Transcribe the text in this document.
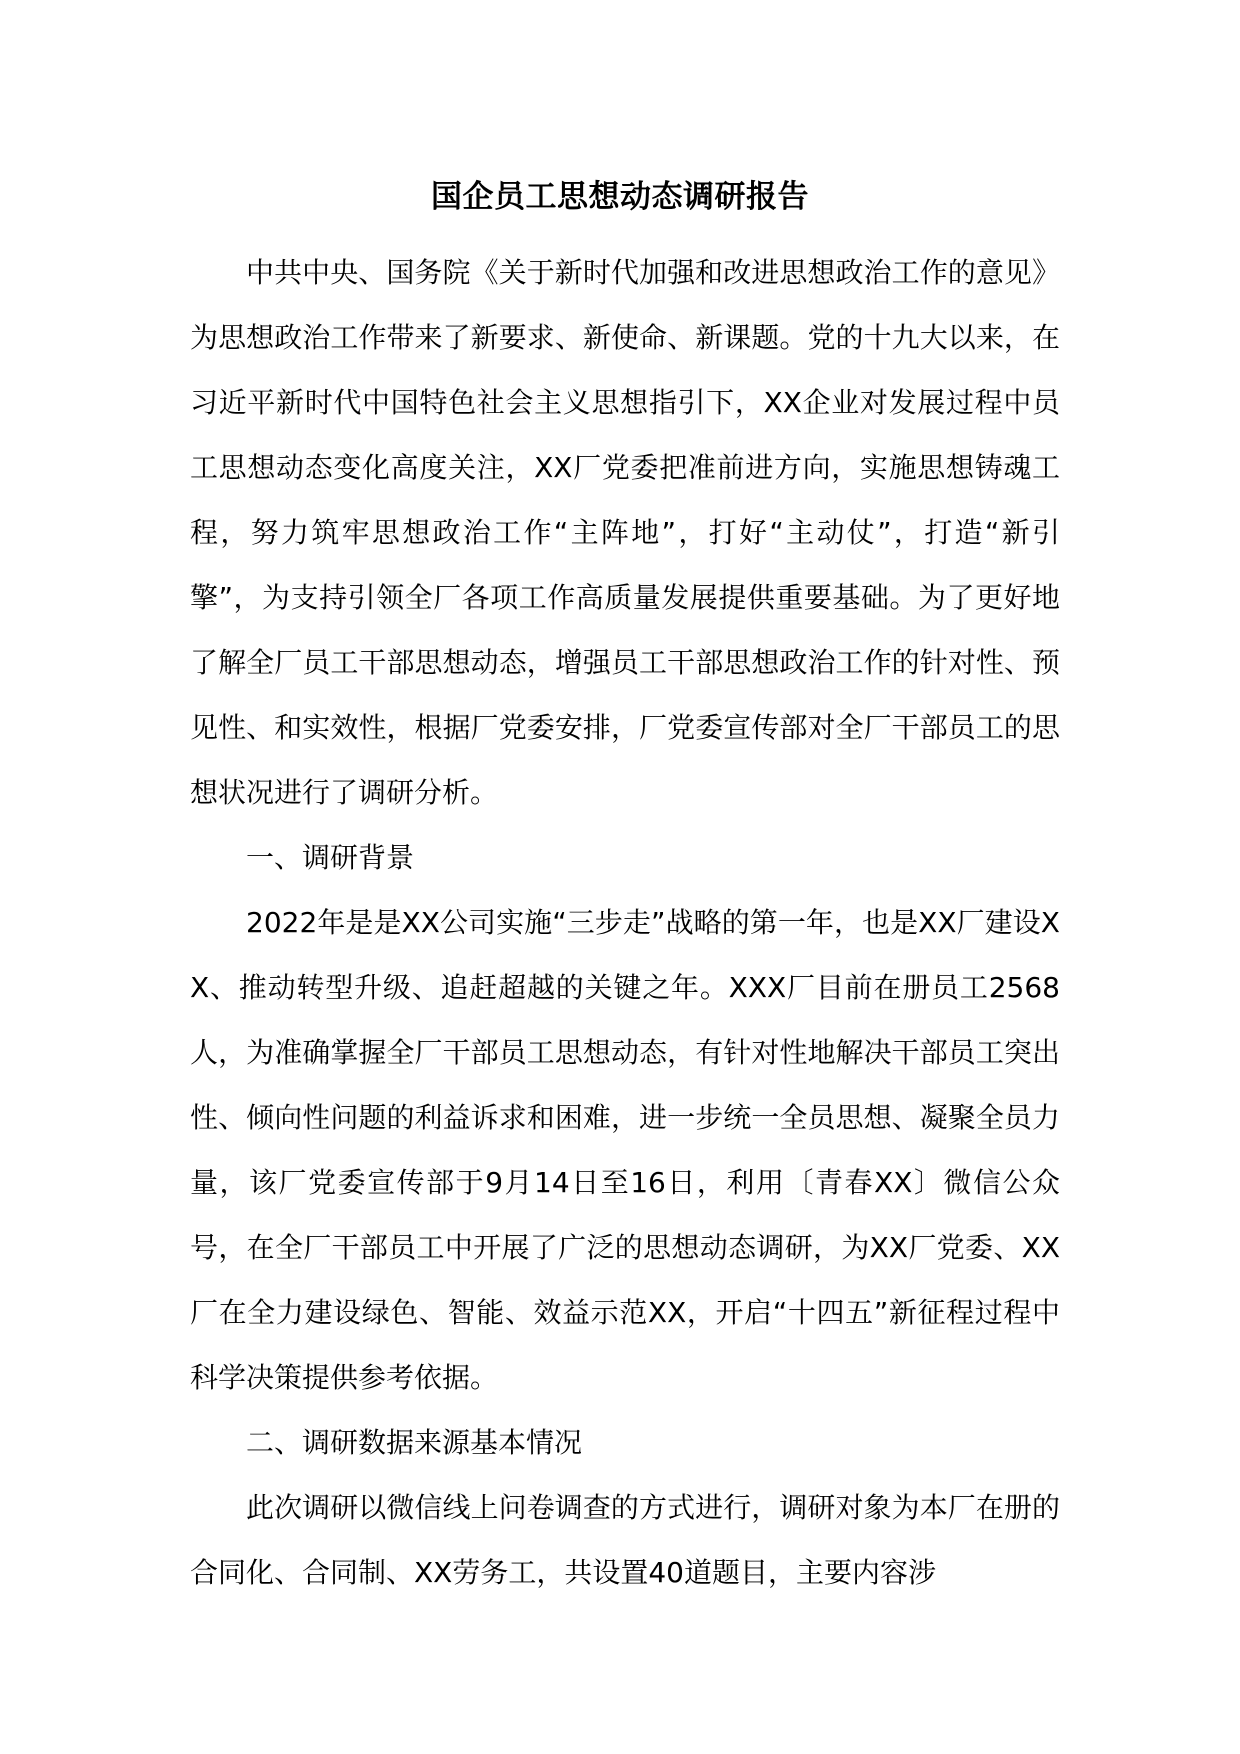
国企员工思想动态调研报告

中共中央、国务院《关于新时代加强和改进思想政治工作的意见》为思想政治工作带来了新要求、新使命、新课题。党的十九大以来，在习近平新时代中国特色社会主义思想指引下，XX企业对发展过程中员工思想动态变化高度关注，XX厂党委把准前进方向，实施思想铸魂工程，努力筑牢思想政治工作“主阵地”，打好“主动仗”，打造“新引擎”，为支持引领全厂各项工作高质量发展提供重要基础。为了更好地了解全厂员工干部思想动态，增强员工干部思想政治工作的针对性、预见性、和实效性，根据厂党委安排，厂党委宣传部对全厂干部员工的思想状况进行了调研分析。

一、调研背景

2022年是是XX公司实施“三步走”战略的第一年，也是XX厂建设XX、推动转型升级、追赶超越的关键之年。XXX厂目前在册员工2568人，为准确掌握全厂干部员工思想动态，有针对性地解决干部员工突出性、倾向性问题的利益诉求和困难，进一步统一全员思想、凝聚全员力量，该厂党委宣传部于9月14日至16日，利用〔青春XX〕微信公众号，在全厂干部员工中开展了广泛的思想动态调研，为XX厂党委、XX厂在全力建设绿色、智能、效益示范XX，开启“十四五”新征程过程中科学决策提供参考依据。

二、调研数据来源基本情况

此次调研以微信线上问卷调查的方式进行，调研对象为本厂在册的合同化、合同制、XX劳务工，共设置40道题目，主要内容涉
